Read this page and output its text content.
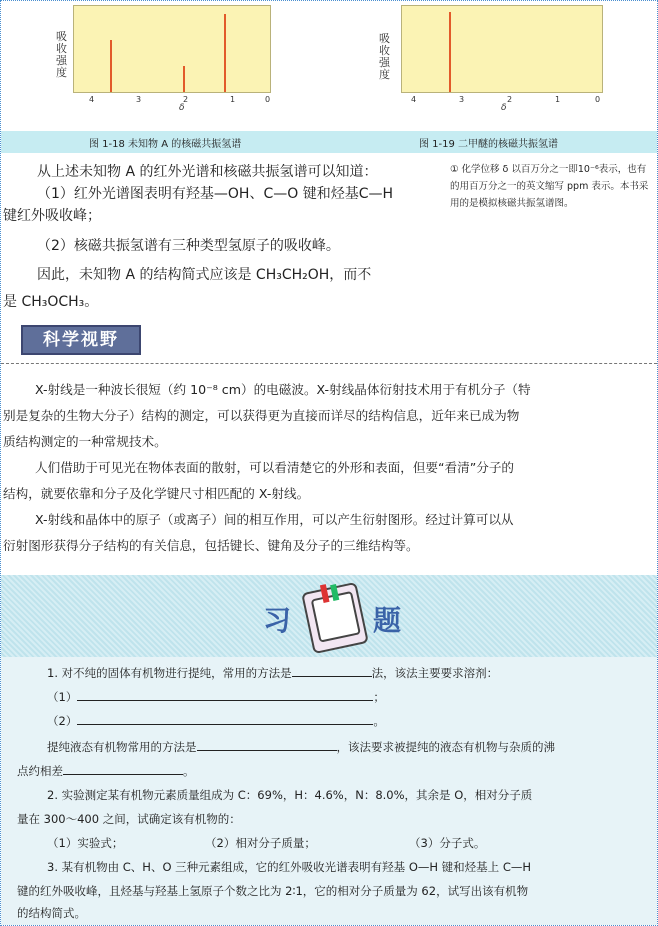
吸
收
强
度
4	3	2	1	0
δ
吸
收
强
度
4	3	2	1	0
δ
图 1-18 未知物 A 的核磁共振氢谱	图 1-19 二甲醚的核磁共振氢谱
从上述未知物 A 的红外光谱和核磁共振氢谱可以知道：
（1）红外光谱图表明有羟基—OH、C—O 键和烃基C—H
键红外吸收峰；
（2）核磁共振氢谱有三种类型氢原子的吸收峰。
因此，未知物 A 的结构简式应该是 CH₃CH₂OH，而不
是 CH₃OCH₃。
① 化学位移 δ 以百万分之一即10⁻⁶表示，也有的用百万分之一的英文缩写 ppm 表示。本书采用的是模拟核磁共振氢谱图。
科学视野
X-射线是一种波长很短（约 10⁻⁸ cm）的电磁波。X-射线晶体衍射技术用于有机分子（特
别是复杂的生物大分子）结构的测定，可以获得更为直接而详尽的结构信息，近年来已成为物
质结构测定的一种常规技术。
人们借助于可见光在物体表面的散射，可以看清楚它的外形和表面，但要“看清”分子的
结构，就要依靠和分子及化学键尺寸相匹配的 X-射线。
X-射线和晶体中的原子（或离子）间的相互作用，可以产生衍射图形。经过计算可以从
衍射图形获得分子结构的有关信息，包括键长、键角及分子的三维结构等。
习	题
1. 对不纯的固体有机物进行提纯，常用的方法是	法，该法主要要求溶剂：
（1）	；
（2）	。
提纯液态有机物常用的方法是	，该法要求被提纯的液态有机物与杂质的沸
点约相差	。
2. 实验测定某有机物元素质量组成为 C：69%，H：4.6%，N：8.0%，其余是 O，相对分子质
量在 300～400 之间，试确定该有机物的：
（1）实验式；	（2）相对分子质量；	（3）分子式。
3. 某有机物由 C、H、O 三种元素组成，它的红外吸收光谱表明有羟基 O—H 键和烃基上 C—H
键的红外吸收峰，且烃基与羟基上氢原子个数之比为 2∶1，它的相对分子质量为 62，试写出该有机物
的结构简式。
